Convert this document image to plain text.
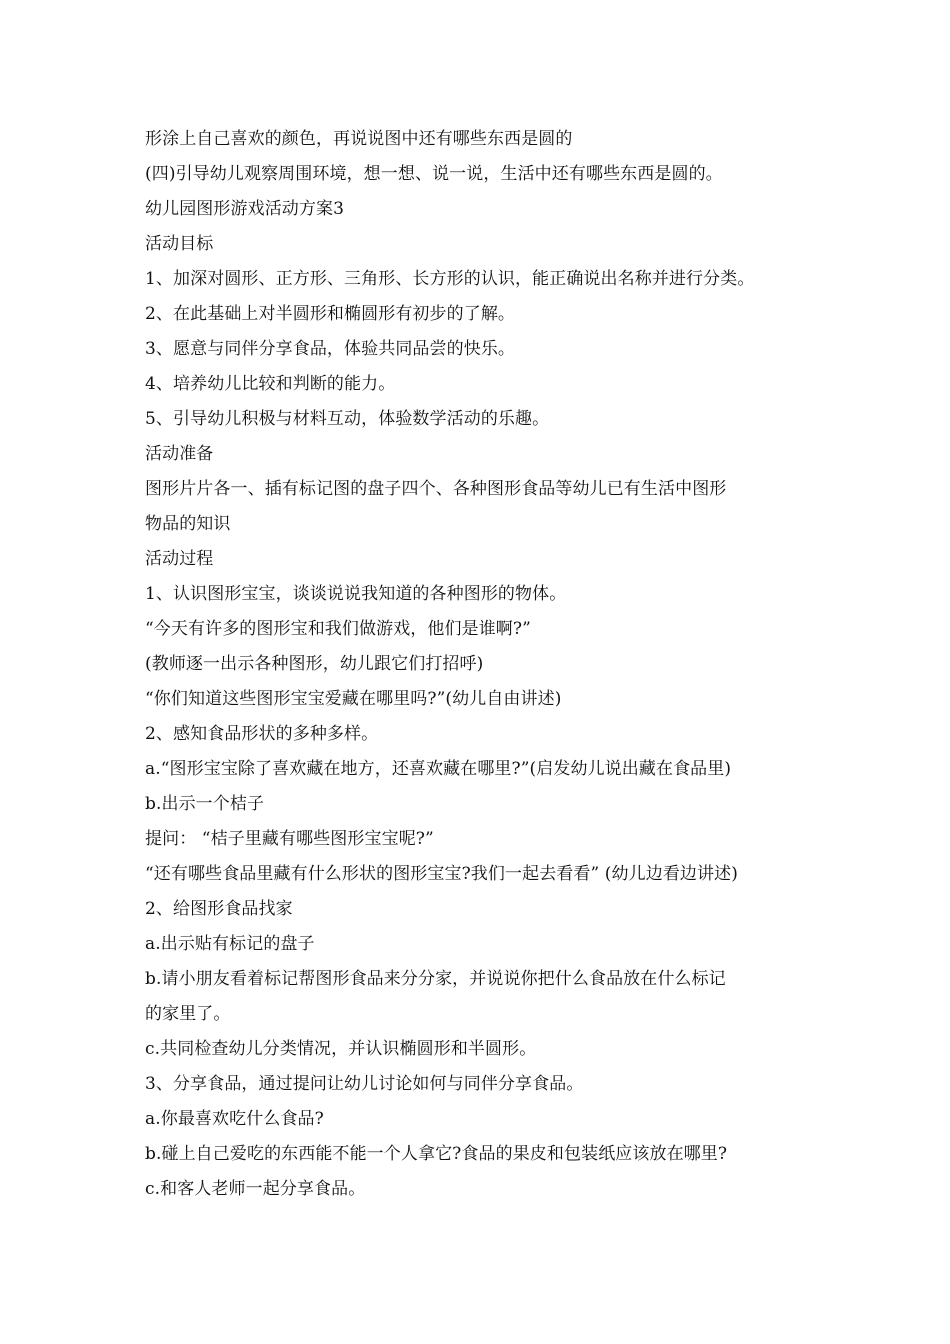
形涂上自己喜欢的颜色，再说说图中还有哪些东西是圆的
(四)引导幼儿观察周围环境，想一想、说一说，生活中还有哪些东西是圆的。
幼儿园图形游戏活动方案3
活动目标
1、加深对圆形、正方形、三角形、长方形的认识，能正确说出名称并进行分类。
2、在此基础上对半圆形和椭圆形有初步的了解。
3、愿意与同伴分享食品，体验共同品尝的快乐。
4、培养幼儿比较和判断的能力。
5、引导幼儿积极与材料互动，体验数学活动的乐趣。
活动准备
图形片片各一、插有标记图的盘子四个、各种图形食品等幼儿已有生活中图形
物品的知识
活动过程
1、认识图形宝宝，谈谈说说我知道的各种图形的物体。
“今天有许多的图形宝和我们做游戏，他们是谁啊?”
(教师逐一出示各种图形，幼儿跟它们打招呼)
“你们知道这些图形宝宝爱藏在哪里吗?”(幼儿自由讲述)
2、感知食品形状的多种多样。
a.“图形宝宝除了喜欢藏在地方，还喜欢藏在哪里?”(启发幼儿说出藏在食品里)
b.出示一个桔子
提问： “桔子里藏有哪些图形宝宝呢?”
“还有哪些食品里藏有什么形状的图形宝宝?我们一起去看看” (幼儿边看边讲述)
2、给图形食品找家
a.出示贴有标记的盘子
b.请小朋友看着标记帮图形食品来分分家，并说说你把什么食品放在什么标记
的家里了。
c.共同检查幼儿分类情况，并认识椭圆形和半圆形。
3、分享食品，通过提问让幼儿讨论如何与同伴分享食品。
a.你最喜欢吃什么食品?
b.碰上自己爱吃的东西能不能一个人拿它?食品的果皮和包装纸应该放在哪里?
c.和客人老师一起分享食品。
